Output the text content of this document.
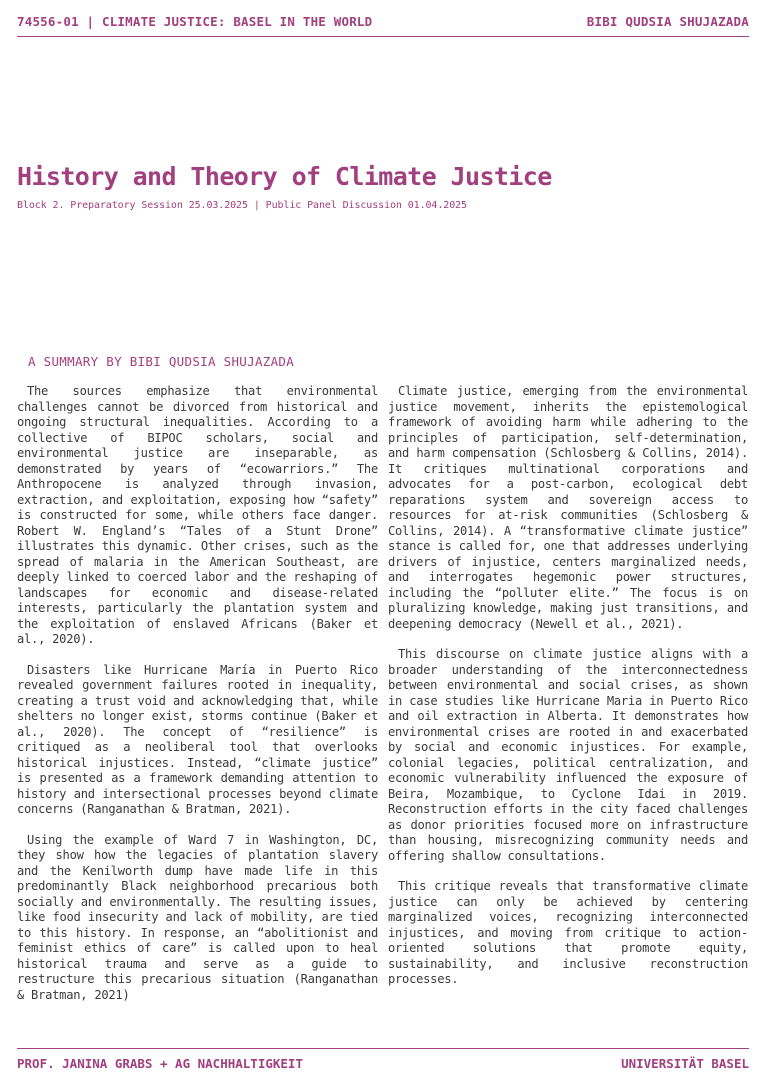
74556-01 | CLIMATE JUSTICE: BASEL IN THE WORLD	BIBI QUDSIA SHUJAZADA
History and Theory of Climate Justice
Block 2. Preparatory Session 25.03.2025 | Public Panel Discussion 01.04.2025
A SUMMARY BY BIBI QUDSIA SHUJAZADA

The sources emphasize that environmental challenges cannot be divorced from historical and ongoing structural inequalities. According to a collective of BIPOC scholars, social and environmental justice are inseparable, as demonstrated by years of “ecowarriors.” The Anthropocene is analyzed through invasion, extraction, and exploitation, exposing how “safety” is constructed for some, while others face danger. Robert W. England’s “Tales of a Stunt Drone” illustrates this dynamic. Other crises, such as the spread of malaria in the American Southeast, are deeply linked to coerced labor and the reshaping of landscapes for economic and disease-related interests, particularly the plantation system and the exploitation of enslaved Africans (Baker et al., 2020).

Disasters like Hurricane María in Puerto Rico revealed government failures rooted in inequality, creating a trust void and acknowledging that, while shelters no longer exist, storms continue (Baker et al., 2020). The concept of “resilience” is critiqued as a neoliberal tool that overlooks historical injustices. Instead, “climate justice” is presented as a framework demanding attention to history and intersectional processes beyond climate concerns (Ranganathan & Bratman, 2021).

Using the example of Ward 7 in Washington, DC, they show how the legacies of plantation slavery and the Kenilworth dump have made life in this predominantly Black neighborhood precarious both socially and environmentally. The resulting issues, like food insecurity and lack of mobility, are tied to this history. In response, an “abolitionist and feminist ethics of care” is called upon to heal historical trauma and serve as a guide to restructure this precarious situation (Ranganathan & Bratman, 2021)

Climate justice, emerging from the environmental justice movement, inherits the epistemological framework of avoiding harm while adhering to the principles of participation, self-determination, and harm compensation (Schlosberg & Collins, 2014). It critiques multinational corporations and advocates for a post-carbon, ecological debt reparations system and sovereign access to resources for at-risk communities (Schlosberg & Collins, 2014). A “transformative climate justice” stance is called for, one that addresses underlying drivers of injustice, centers marginalized needs, and interrogates hegemonic power structures, including the “polluter elite.” The focus is on pluralizing knowledge, making just transitions, and deepening democracy (Newell et al., 2021).

This discourse on climate justice aligns with a broader understanding of the interconnectedness between environmental and social crises, as shown in case studies like Hurricane Maria in Puerto Rico and oil extraction in Alberta. It demonstrates how environmental crises are rooted in and exacerbated by social and economic injustices. For example, colonial legacies, political centralization, and economic vulnerability influenced the exposure of Beira, Mozambique, to Cyclone Idai in 2019. Reconstruction efforts in the city faced challenges as donor priorities focused more on infrastructure than housing, misrecognizing community needs and offering shallow consultations.

This critique reveals that transformative climate justice can only be achieved by centering marginalized voices, recognizing interconnected injustices, and moving from critique to action-oriented solutions that promote equity, sustainability, and inclusive reconstruction processes.

PROF. JANINA GRABS + AG NACHHALTIGKEIT	UNIVERSITÄT BASEL
